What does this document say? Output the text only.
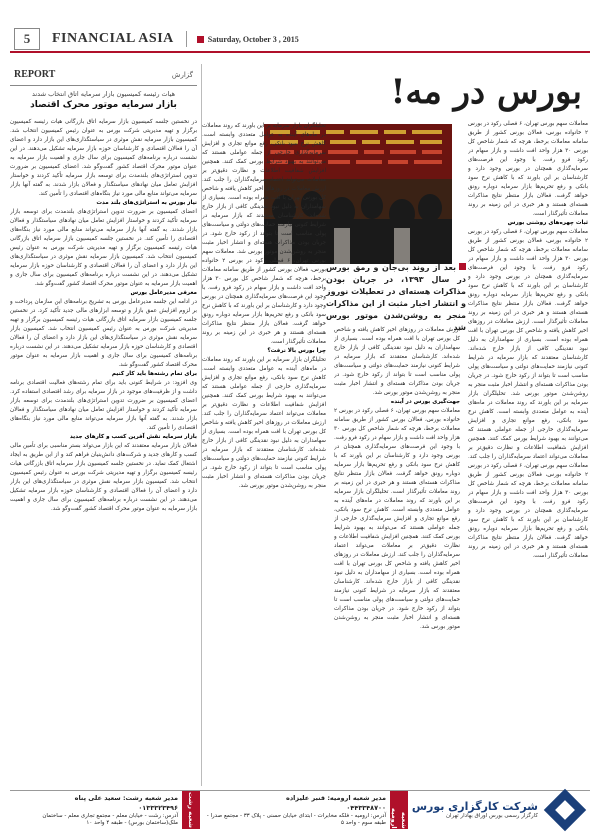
5	FINANCIAL ASIA	Saturday, October 3 , 2015
بورس در مه!
معاملات سهم بورس تهران، ۶ فصلی رکود در بورس ۲ خانواده بورس، فعالان بورس کشور از طریق سامانه معاملات برخط، هرچه که شمار شاخص کل بورس ۳۰ هزار واحد افت داشت و بازار سهام در رکود فرو رفت. با وجود این فرصت‌های سرمایه‌گذاری همچنان در بورس وجود دارد و کارشناسان بر این باورند که با کاهش نرخ سود بانکی و رفع تحریم‌ها بازار سرمایه دوباره رونق خواهد گرفت. فعالان بازار منتظر نتایج مذاکرات هسته‌ای هستند و هر خبری در این زمینه بر روند معاملات تأثیرگذار است.
ثبات چهره‌های روشنی بورس
معاملات سهم بورس تهران، ۶ فصلی رکود در بورس ۲ خانواده بورس، فعالان بورس کشور از طریق سامانه معاملات برخط، هرچه که شمار شاخص کل بورس ۳۰ هزار واحد افت داشت و بازار سهام در رکود فرو رفت. با وجود این فرصت‌های سرمایه‌گذاری همچنان در بورس وجود دارد و کارشناسان بر این باورند که با کاهش نرخ سود بانکی و رفع تحریم‌ها بازار سرمایه دوباره رونق خواهد گرفت. فعالان بازار منتظر نتایج مذاکرات هسته‌ای هستند و هر خبری در این زمینه بر روند معاملات تأثیرگذار است. ارزش معاملات در روزهای اخیر کاهش یافته و شاخص کل بورس تهران با افت همراه بوده است. بسیاری از سهامداران به دلیل نبود نقدینگی کافی از بازار خارج شده‌اند. کارشناسان معتقدند که بازار سرمایه در شرایط کنونی نیازمند حمایت‌های دولتی و سیاست‌های پولی مناسب است تا بتواند از رکود خارج شود. در جریان بودن مذاکرات هسته‌ای و انتشار اخبار مثبت منجر به روشن‌شدن موتور بورس شد. تحلیلگران بازار سرمایه بر این باورند که روند معاملات در ماه‌های آینده به عوامل متعددی وابسته است. کاهش نرخ سود بانکی، رفع موانع تجاری و افزایش سرمایه‌گذاری خارجی از جمله عواملی هستند که می‌توانند به بهبود شرایط بورس کمک کنند. همچنین افزایش شفافیت اطلاعات و نظارت دقیق‌تر بر معاملات می‌تواند اعتماد سرمایه‌گذاران را جلب کند. معاملات سهم بورس تهران، ۶ فصلی رکود در بورس ۲ خانواده بورس، فعالان بورس کشور از طریق سامانه معاملات برخط، هرچه که شمار شاخص کل بورس ۳۰ هزار واحد افت داشت و بازار سهام در رکود فرو رفت. با وجود این فرصت‌های سرمایه‌گذاری همچنان در بورس وجود دارد و کارشناسان بر این باورند که با کاهش نرخ سود بانکی و رفع تحریم‌ها بازار سرمایه دوباره رونق خواهد گرفت. فعالان بازار منتظر نتایج مذاکرات هسته‌ای هستند و هر خبری در این زمینه بر روند معاملات تأثیرگذار است.
بعد از روند بی‌جان و رمق بورس در سال ۱۳۹۳، در جریان بودن مذاکرات هسته‌ای در تعطیلات نوروز و انتشار اخبار مثبت از این مذاکرات منجر به روشن‌شدن موتور بورس شد
ارزش معاملات در روزهای اخیر کاهش یافته و شاخص کل بورس تهران با افت همراه بوده است. بسیاری از سهامداران به دلیل نبود نقدینگی کافی از بازار خارج شده‌اند. کارشناسان معتقدند که بازار سرمایه در شرایط کنونی نیازمند حمایت‌های دولتی و سیاست‌های پولی مناسب است تا بتواند از رکود خارج شود. در جریان بودن مذاکرات هسته‌ای و انتشار اخبار مثبت منجر به روشن‌شدن موتور بورس شد.
جهت‌گیری بورس در آینده
معاملات سهم بورس تهران، ۶ فصلی رکود در بورس ۲ خانواده بورس، فعالان بورس کشور از طریق سامانه معاملات برخط، هرچه که شمار شاخص کل بورس ۳۰ هزار واحد افت داشت و بازار سهام در رکود فرو رفت. با وجود این فرصت‌های سرمایه‌گذاری همچنان در بورس وجود دارد و کارشناسان بر این باورند که با کاهش نرخ سود بانکی و رفع تحریم‌ها بازار سرمایه دوباره رونق خواهد گرفت. فعالان بازار منتظر نتایج مذاکرات هسته‌ای هستند و هر خبری در این زمینه بر روند معاملات تأثیرگذار است. تحلیلگران بازار سرمایه بر این باورند که روند معاملات در ماه‌های آینده به عوامل متعددی وابسته است. کاهش نرخ سود بانکی، رفع موانع تجاری و افزایش سرمایه‌گذاری خارجی از جمله عواملی هستند که می‌توانند به بهبود شرایط بورس کمک کنند. همچنین افزایش شفافیت اطلاعات و نظارت دقیق‌تر بر معاملات می‌تواند اعتماد سرمایه‌گذاران را جلب کند. ارزش معاملات در روزهای اخیر کاهش یافته و شاخص کل بورس تهران با افت همراه بوده است. بسیاری از سهامداران به دلیل نبود نقدینگی کافی از بازار خارج شده‌اند. کارشناسان معتقدند که بازار سرمایه در شرایط کنونی نیازمند حمایت‌های دولتی و سیاست‌های پولی مناسب است تا بتواند از رکود خارج شود. در جریان بودن مذاکرات هسته‌ای و انتشار اخبار مثبت منجر به روشن‌شدن موتور بورس شد.
تحلیلگران بازار سرمایه بر این باورند که روند معاملات در ماه‌های آینده به عوامل متعددی وابسته است. کاهش نرخ سود بانکی، رفع موانع تجاری و افزایش سرمایه‌گذاری خارجی از جمله عواملی هستند که می‌توانند به بهبود شرایط بورس کمک کنند. همچنین افزایش شفافیت اطلاعات و نظارت دقیق‌تر بر معاملات می‌تواند اعتماد سرمایه‌گذاران را جلب کند. ارزش معاملات در روزهای اخیر کاهش یافته و شاخص کل بورس تهران با افت همراه بوده است. بسیاری از سهامداران به دلیل نبود نقدینگی کافی از بازار خارج شده‌اند. کارشناسان معتقدند که بازار سرمایه در شرایط کنونی نیازمند حمایت‌های دولتی و سیاست‌های پولی مناسب است تا بتواند از رکود خارج شود. در جریان بودن مذاکرات هسته‌ای و انتشار اخبار مثبت منجر به روشن‌شدن موتور بورس شد. معاملات سهم بورس تهران، ۶ فصلی رکود در بورس ۲ خانواده بورس، فعالان بورس کشور از طریق سامانه معاملات برخط، هرچه که شمار شاخص کل بورس ۳۰ هزار واحد افت داشت و بازار سهام در رکود فرو رفت. با وجود این فرصت‌های سرمایه‌گذاری همچنان در بورس وجود دارد و کارشناسان بر این باورند که با کاهش نرخ سود بانکی و رفع تحریم‌ها بازار سرمایه دوباره رونق خواهد گرفت. فعالان بازار منتظر نتایج مذاکرات هسته‌ای هستند و هر خبری در این زمینه بر روند معاملات تأثیرگذار است.
چرا بورس بالا نرفت؟
تحلیلگران بازار سرمایه بر این باورند که روند معاملات در ماه‌های آینده به عوامل متعددی وابسته است. کاهش نرخ سود بانکی، رفع موانع تجاری و افزایش سرمایه‌گذاری خارجی از جمله عواملی هستند که می‌توانند به بهبود شرایط بورس کمک کنند. همچنین افزایش شفافیت اطلاعات و نظارت دقیق‌تر بر معاملات می‌تواند اعتماد سرمایه‌گذاران را جلب کند. ارزش معاملات در روزهای اخیر کاهش یافته و شاخص کل بورس تهران با افت همراه بوده است. بسیاری از سهامداران به دلیل نبود نقدینگی کافی از بازار خارج شده‌اند. کارشناسان معتقدند که بازار سرمایه در شرایط کنونی نیازمند حمایت‌های دولتی و سیاست‌های پولی مناسب است تا بتواند از رکود خارج شود. در جریان بودن مذاکرات هسته‌ای و انتشار اخبار مثبت منجر به روشن‌شدن موتور بورس شد.
REPORT	گزارش
هیات رئیسه کمیسیون بازار سرمایه اتاق انتخاب شدند
بازار سرمایه موتور محرک اقتصاد
در نخستین جلسه کمیسیون بازار سرمایه اتاق بازرگانی هیات رئیسه کمیسیون برگزار و تهیه مدیریتی شرکت بورس به عنوان رئیس کمیسیون انتخاب شد. کمیسیون بازار سرمایه نقش موثری در سیاستگذاری‌های این بازار دارد و اعضای آن را فعالان اقتصادی و کارشناسان حوزه بازار سرمایه تشکیل می‌دهند. در این نشست درباره برنامه‌های کمیسیون برای سال جاری و اهمیت بازار سرمایه به عنوان موتور محرک اقتصاد کشور گفت‌وگو شد. اعضای کمیسیون بر ضرورت تدوین استراتژی‌های بلندمدت برای توسعه بازار سرمایه تأکید کردند و خواستار افزایش تعامل میان نهادهای سیاستگذار و فعالان بازار شدند. به گفته آنها بازار سرمایه می‌تواند منابع مالی مورد نیاز بنگاه‌های اقتصادی را تأمین کند.
نیاز بورس به استراتژی‌های بلند مدت
اعضای کمیسیون بر ضرورت تدوین استراتژی‌های بلندمدت برای توسعه بازار سرمایه تأکید کردند و خواستار افزایش تعامل میان نهادهای سیاستگذار و فعالان بازار شدند. به گفته آنها بازار سرمایه می‌تواند منابع مالی مورد نیاز بنگاه‌های اقتصادی را تأمین کند. در نخستین جلسه کمیسیون بازار سرمایه اتاق بازرگانی هیات رئیسه کمیسیون برگزار و تهیه مدیریتی شرکت بورس به عنوان رئیس کمیسیون انتخاب شد. کمیسیون بازار سرمایه نقش موثری در سیاستگذاری‌های این بازار دارد و اعضای آن را فعالان اقتصادی و کارشناسان حوزه بازار سرمایه تشکیل می‌دهند. در این نشست درباره برنامه‌های کمیسیون برای سال جاری و اهمیت بازار سرمایه به عنوان موتور محرک اقتصاد کشور گفت‌وگو شد.
معرفی مدیرعامل بورس
در ادامه این جلسه مدیرعامل بورس به تشریح برنامه‌های این سازمان پرداخت و بر لزوم افزایش عمق بازار و توسعه ابزارهای مالی جدید تأکید کرد. در نخستین جلسه کمیسیون بازار سرمایه اتاق بازرگانی هیات رئیسه کمیسیون برگزار و تهیه مدیریتی شرکت بورس به عنوان رئیس کمیسیون انتخاب شد. کمیسیون بازار سرمایه نقش موثری در سیاستگذاری‌های این بازار دارد و اعضای آن را فعالان اقتصادی و کارشناسان حوزه بازار سرمایه تشکیل می‌دهند. در این نشست درباره برنامه‌های کمیسیون برای سال جاری و اهمیت بازار سرمایه به عنوان موتور محرک اقتصاد کشور گفت‌وگو شد.
برای تمام رشته‌ها باید کار کنیم
وی افزود: در شرایط کنونی باید برای تمام رشته‌های فعالیت اقتصادی برنامه داشت و از ظرفیت‌های موجود در بازار سرمایه برای رشد اقتصادی استفاده کرد. اعضای کمیسیون بر ضرورت تدوین استراتژی‌های بلندمدت برای توسعه بازار سرمایه تأکید کردند و خواستار افزایش تعامل میان نهادهای سیاستگذار و فعالان بازار شدند. به گفته آنها بازار سرمایه می‌تواند منابع مالی مورد نیاز بنگاه‌های اقتصادی را تأمین کند.
بازار سرمایه نقش آفرین کسب و کارهای جدید
فعالان بازار سرمایه معتقدند که این بازار می‌تواند بستر مناسبی برای تأمین مالی کسب و کارهای جدید و شرکت‌های دانش‌بنیان فراهم کند و از این طریق به ایجاد اشتغال کمک نماید. در نخستین جلسه کمیسیون بازار سرمایه اتاق بازرگانی هیات رئیسه کمیسیون برگزار و تهیه مدیریتی شرکت بورس به عنوان رئیس کمیسیون انتخاب شد. کمیسیون بازار سرمایه نقش موثری در سیاستگذاری‌های این بازار دارد و اعضای آن را فعالان اقتصادی و کارشناسان حوزه بازار سرمایه تشکیل می‌دهند. در این نشست درباره برنامه‌های کمیسیون برای سال جاری و اهمیت بازار سرمایه به عنوان موتور محرک اقتصاد کشور گفت‌وگو شد.
مدیر شعبه رشت: سعید علی پناه
۰۱۳۳۳۲۳۴۹۶
آدرس: رشت - خیابان معلم - مجتمع تجاری معلم - ساختمان ملک(ساختمان بورس) - طبقه ۴ واحد ۱۰	شعبه رشت	مدیر شعبه ارومیه: قنبر علیزاده
۰۴۴۳۳۴۸۷۰۰
آدرس: ارومیه - فلکه مخابرات - ابتدای خیابان حسنی - پلاک ۳۳ - مجتمع صدرا - طبقه سوم - واحد ۵	شعبه ارومیه
شرکت کارگزاری بورس
کارگزار رسمی بورس اوراق بهادار تهران
